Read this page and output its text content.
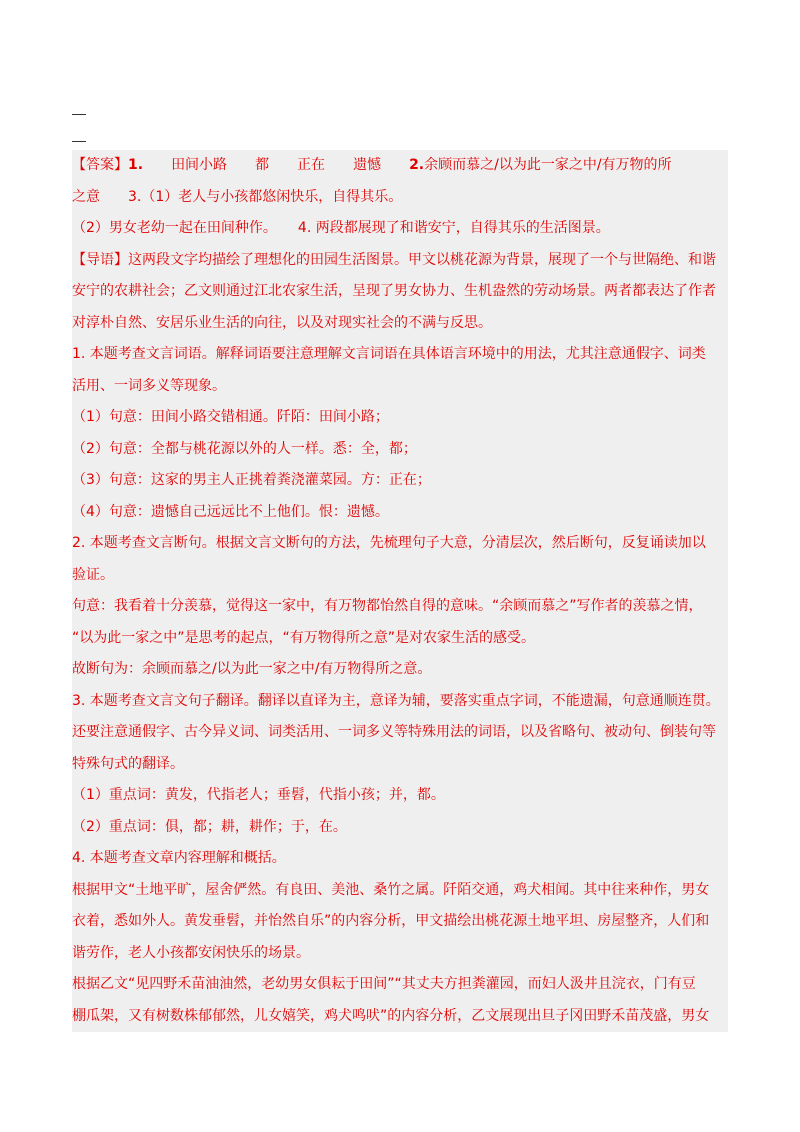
【答案】1. 田间小路 都 正在 遗憾 2.余顾而慕之/以为此一家之中/有万物的所
之意　　3.（1）老人与小孩都悠闲快乐，自得其乐。
（2）男女老幼一起在田间种作。　　4. 两段都展现了和谐安宁，自得其乐的生活图景。
【导语】这两段文字均描绘了理想化的田园生活图景。甲文以桃花源为背景，展现了一个与世隔绝、和谐
安宁的农耕社会；乙文则通过江北农家生活，呈现了男女协力、生机盎然的劳动场景。两者都表达了作者
对淳朴自然、安居乐业生活的向往，以及对现实社会的不满与反思。
1. 本题考查文言词语。解释词语要注意理解文言词语在具体语言环境中的用法，尤其注意通假字、词类
活用、一词多义等现象。
（1）句意：田间小路交错相通。阡陌：田间小路；
（2）句意：全都与桃花源以外的人一样。悉：全，都；
（3）句意：这家的男主人正挑着粪浇灌菜园。方：正在；
（4）句意：遗憾自己远远比不上他们。恨：遗憾。
2. 本题考查文言断句。根据文言文断句的方法，先梳理句子大意，分清层次，然后断句，反复诵读加以
验证。
句意：我看着十分羡慕，觉得这一家中，有万物都怡然自得的意味。“余顾而慕之”写作者的羡慕之情，
“以为此一家之中”是思考的起点，“有万物得所之意”是对农家生活的感受。
故断句为：余顾而慕之/以为此一家之中/有万物得所之意。
3. 本题考查文言文句子翻译。翻译以直译为主，意译为辅，要落实重点字词，不能遗漏，句意通顺连贯。
还要注意通假字、古今异义词、词类活用、一词多义等特殊用法的词语，以及省略句、被动句、倒装句等
特殊句式的翻译。
（1）重点词：黄发，代指老人；垂髫，代指小孩；并，都。
（2）重点词：俱，都；耕，耕作；于，在。
4. 本题考查文章内容理解和概括。
根据甲文“土地平旷，屋舍俨然。有良田、美池、桑竹之属。阡陌交通，鸡犬相闻。其中往来种作，男女
衣着，悉如外人。黄发垂髫，并怡然自乐”的内容分析，甲文描绘出桃花源土地平坦、房屋整齐，人们和
谐劳作，老人小孩都安闲快乐的场景。
根据乙文“见四野禾苗油油然，老幼男女俱耘于田间”“其丈夫方担粪灌园，而妇人汲井且浣衣，门有豆
棚瓜架，又有树数株郁郁然，儿女嬉笑，鸡犬鸣吠”的内容分析，乙文展现出旦子冈田野禾苗茂盛，男女
